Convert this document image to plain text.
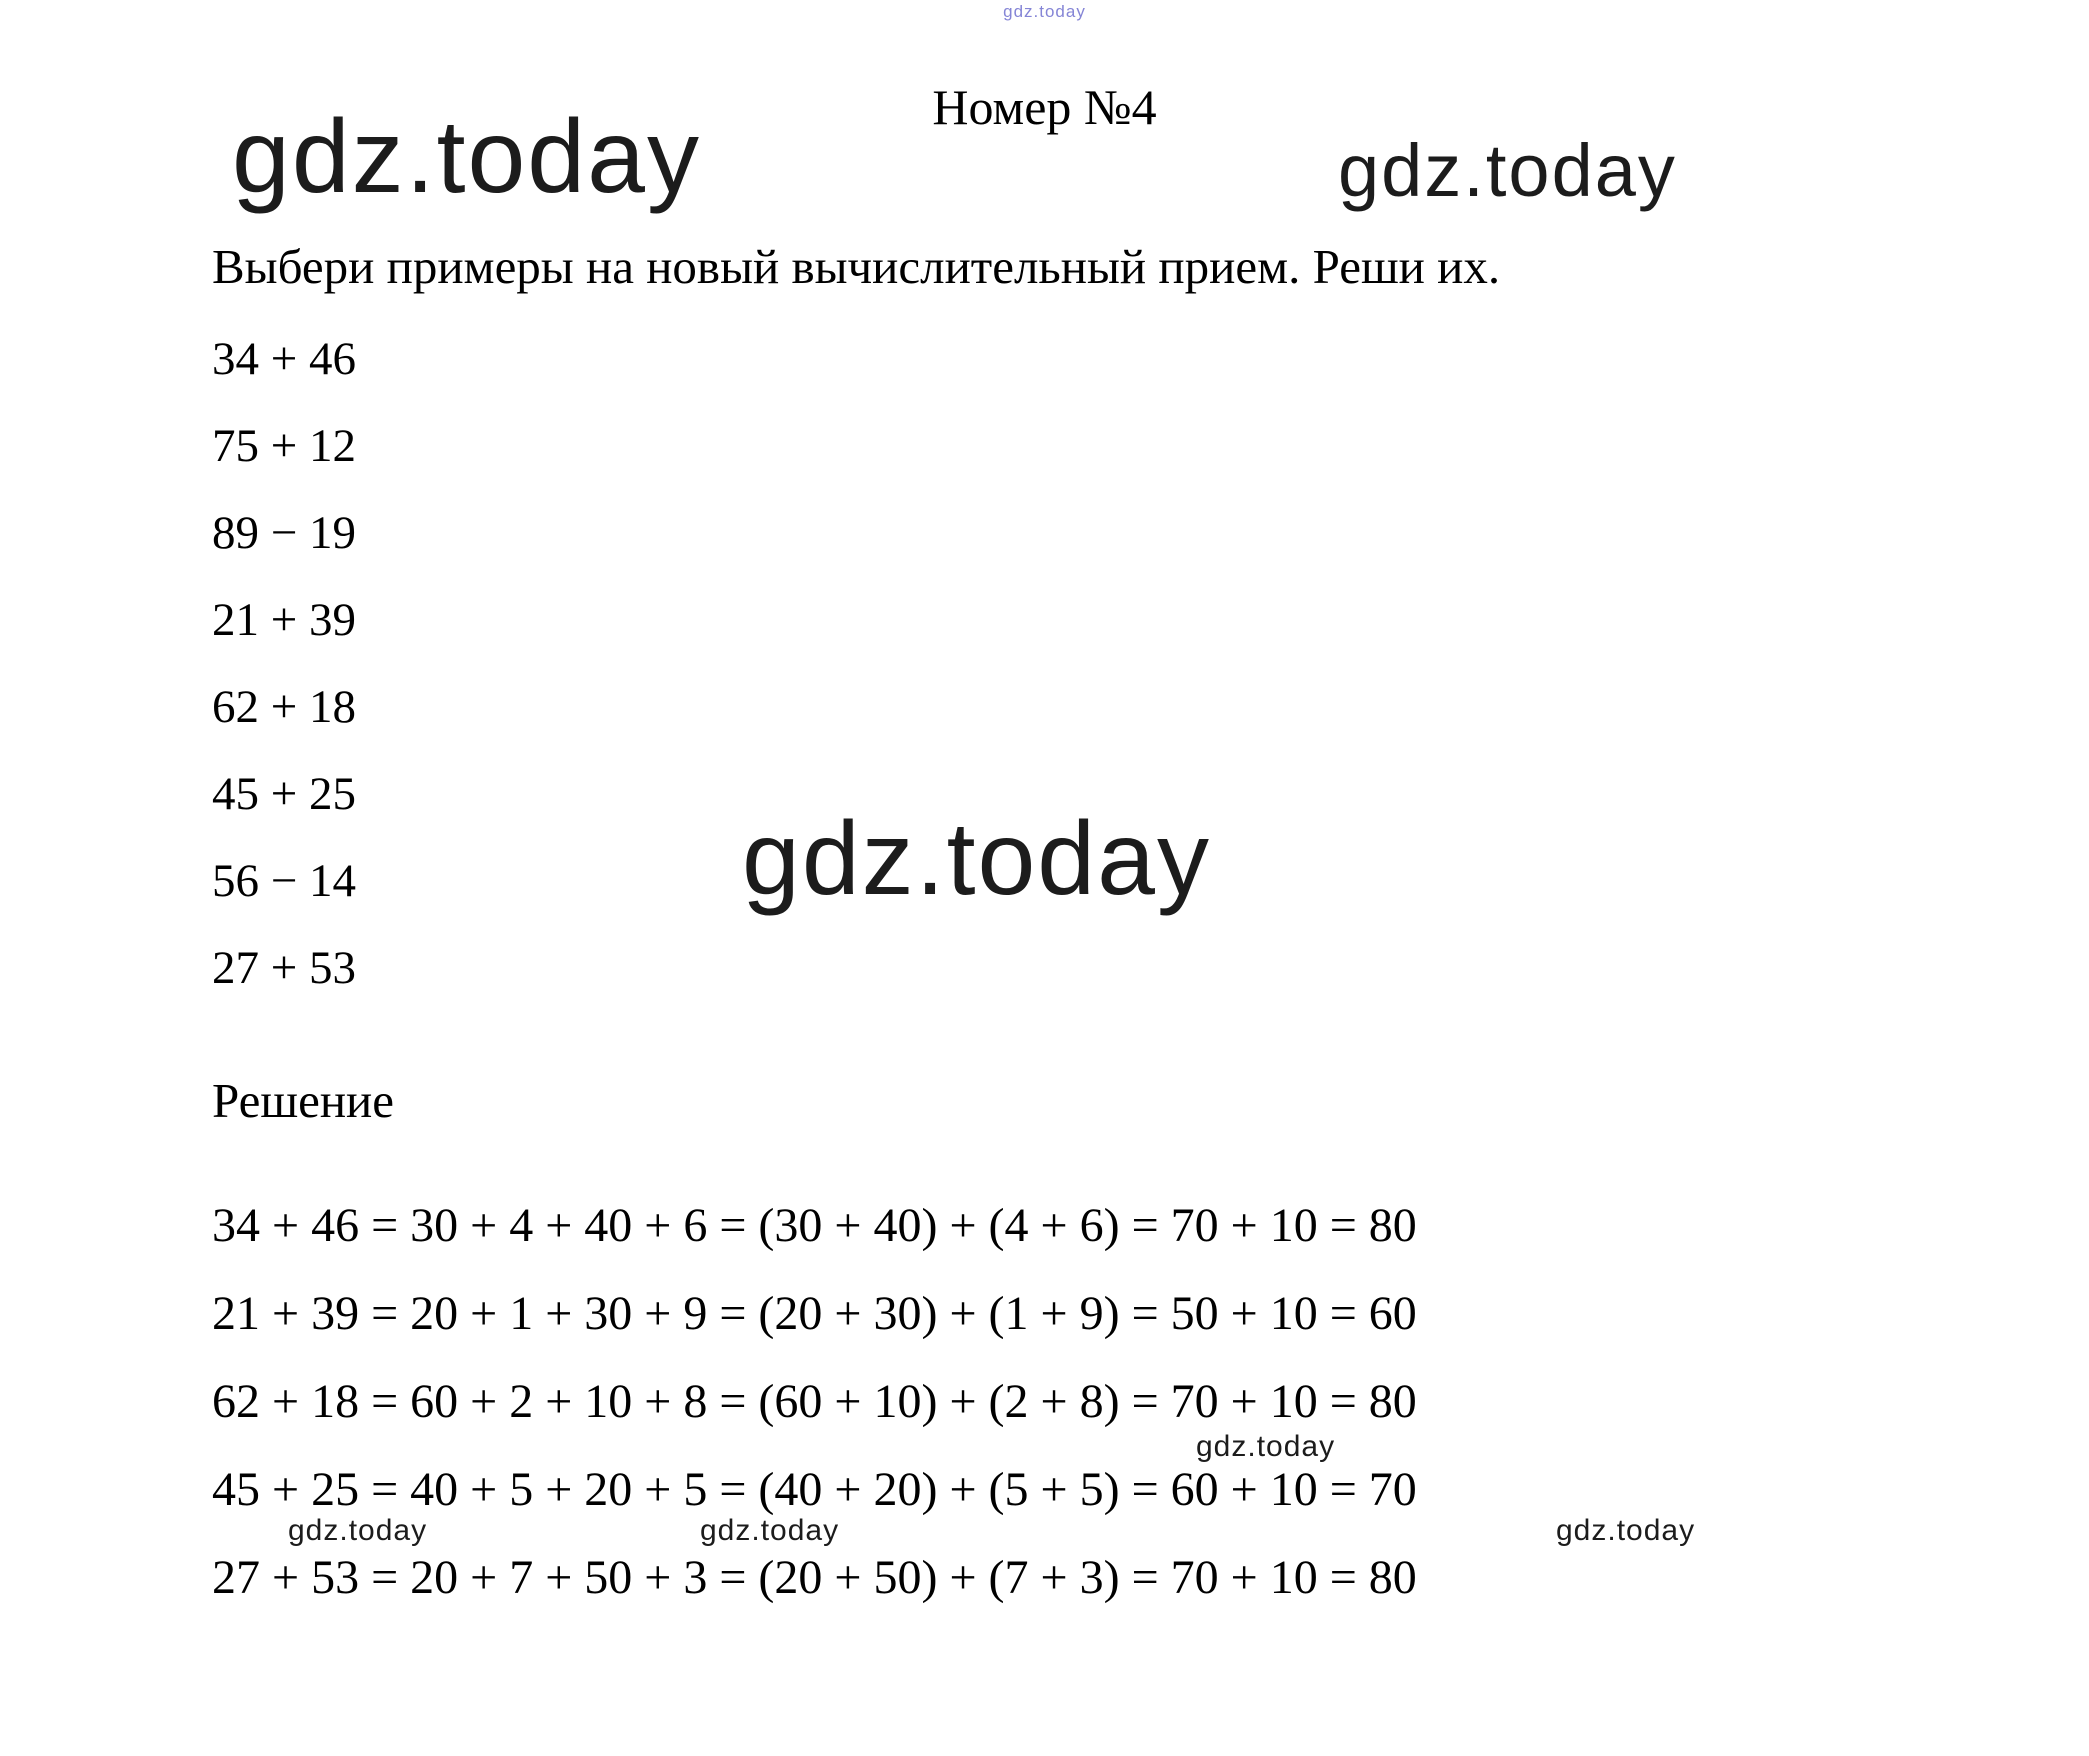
gdz.today
gdz.today	gdz.today
gdz.today
gdz.today
gdz.today	gdz.today	gdz.today
Номер №4
Выбери примеры на новый вычислительный прием. Реши их.
34 + 46
75 + 12
89 − 19
21 + 39
62 + 18
45 + 25
56 − 14
27 + 53
Решение
34 + 46 = 30 + 4 + 40 + 6 = (30 + 40) + (4 + 6) = 70 + 10 = 80
21 + 39 = 20 + 1 + 30 + 9 = (20 + 30) + (1 + 9) = 50 + 10 = 60
62 + 18 = 60 + 2 + 10 + 8 = (60 + 10) + (2 + 8) = 70 + 10 = 80
45 + 25 = 40 + 5 + 20 + 5 = (40 + 20) + (5 + 5) = 60 + 10 = 70
27 + 53 = 20 + 7 + 50 + 3 = (20 + 50) + (7 + 3) = 70 + 10 = 80
